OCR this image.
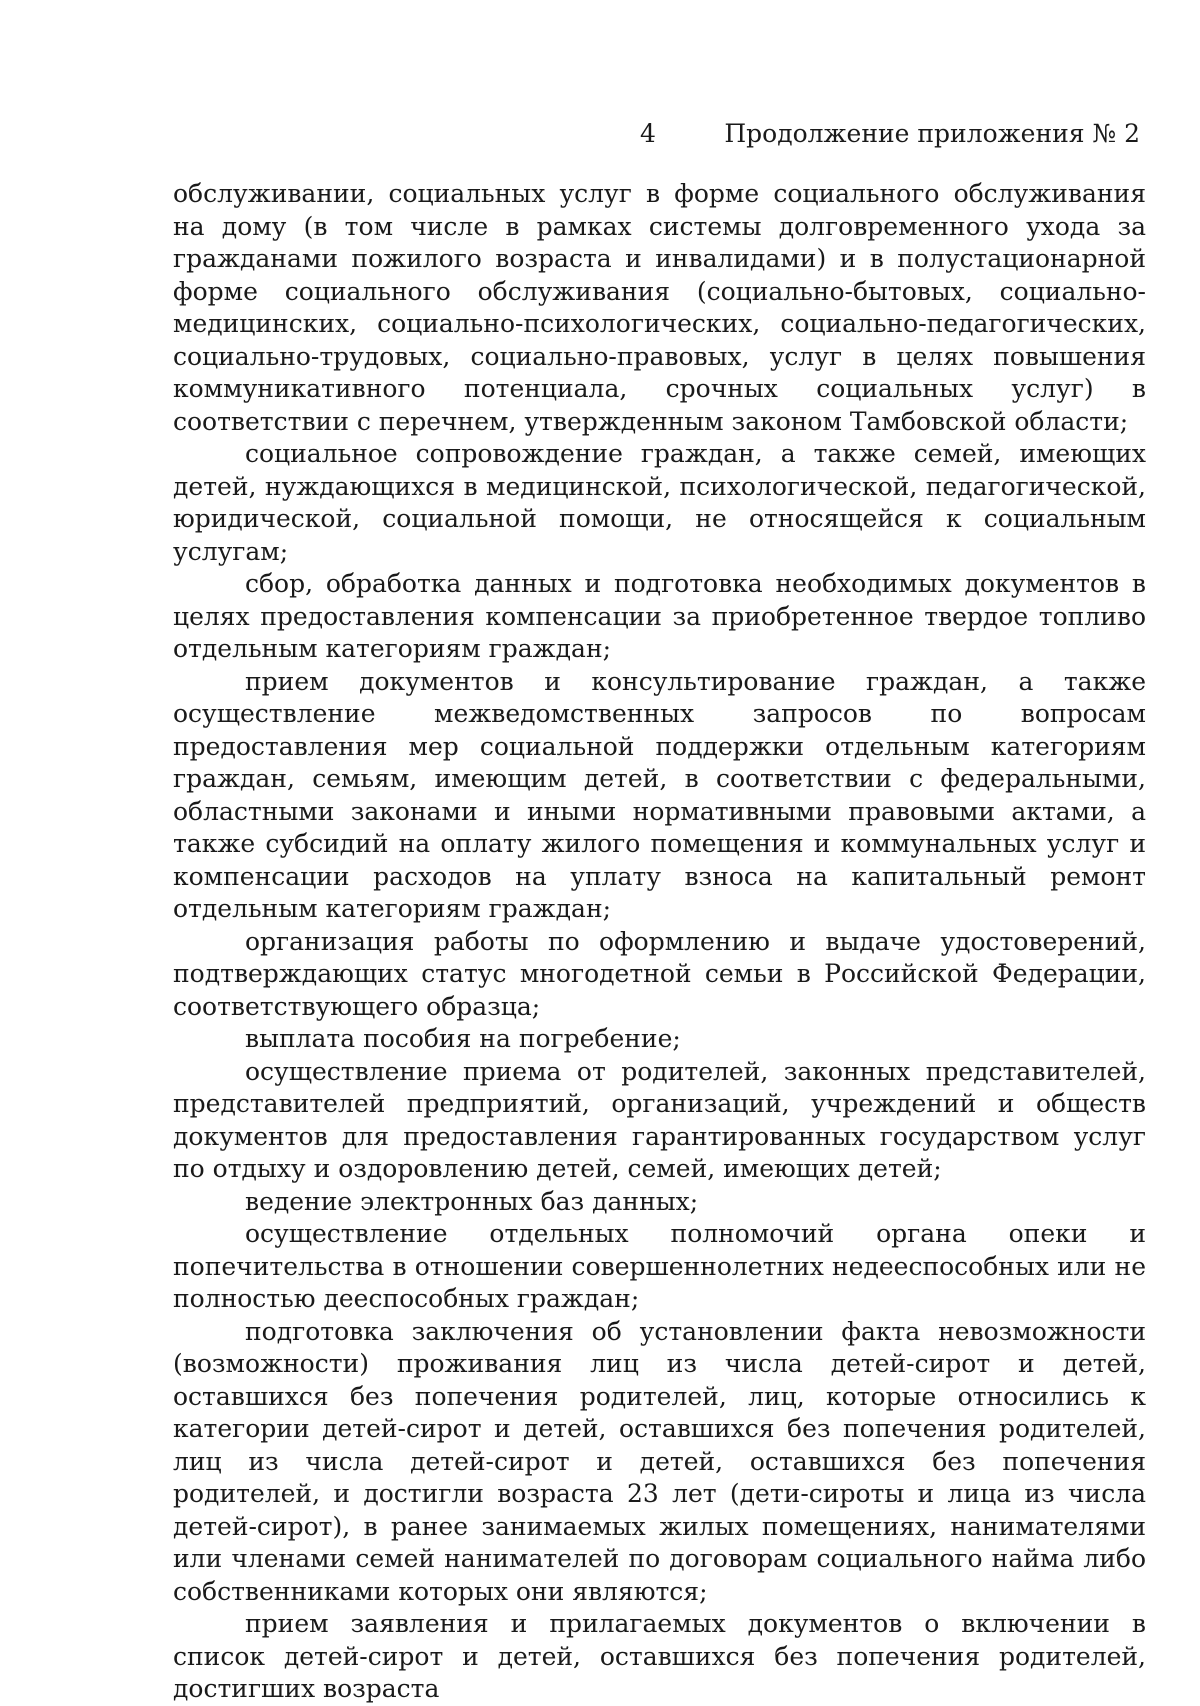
4	Продолжение приложения № 2

обслуживании, социальных услуг в форме социального обслуживания на дому (в том числе в рамках системы долговременного ухода за гражданами пожилого возраста и инвалидами) и в полустационарной форме социального обслуживания (социально-бытовых, социально-медицинских, социально-психологических, социально-педагогических, социально-трудовых, социально-правовых, услуг в целях повышения коммуникативного потенциала, срочных социальных услуг) в соответствии с перечнем, утвержденным законом Тамбовской области;

социальное сопровождение граждан, а также семей, имеющих детей, нуждающихся в медицинской, психологической, педагогической, юридической, социальной помощи, не относящейся к социальным услугам;

сбор, обработка данных и подготовка необходимых документов в целях предоставления компенсации за приобретенное твердое топливо отдельным категориям граждан;

прием документов и консультирование граждан, а также осуществление межведомственных запросов по вопросам предоставления мер социальной поддержки отдельным категориям граждан, семьям, имеющим детей, в соответствии с федеральными, областными законами и иными нормативными правовыми актами, а также субсидий на оплату жилого помещения и коммунальных услуг и компенсации расходов на уплату взноса на капитальный ремонт отдельным категориям граждан;

организация работы по оформлению и выдаче удостоверений, подтверждающих статус многодетной семьи в Российской Федерации, соответствующего образца;

выплата пособия на погребение;

осуществление приема от родителей, законных представителей, представителей предприятий, организаций, учреждений и обществ документов для предоставления гарантированных государством услуг по отдыху и оздоровлению детей, семей, имеющих детей;

ведение электронных баз данных;

осуществление отдельных полномочий органа опеки и попечительства в отношении совершеннолетних недееспособных или не полностью дееспособных граждан;

подготовка заключения об установлении факта невозможности (возможности) проживания лиц из числа детей-сирот и детей, оставшихся без попечения родителей, лиц, которые относились к категории детей-сирот и детей, оставшихся без попечения родителей, лиц из числа детей-сирот и детей, оставшихся без попечения родителей, и достигли возраста 23 лет (дети-сироты и лица из числа детей-сирот), в ранее занимаемых жилых помещениях, нанимателями или членами семей нанимателей по договорам социального найма либо собственниками которых они являются;

прием заявления и прилагаемых документов о включении в список детей-сирот и детей, оставшихся без попечения родителей, достигших возраста
